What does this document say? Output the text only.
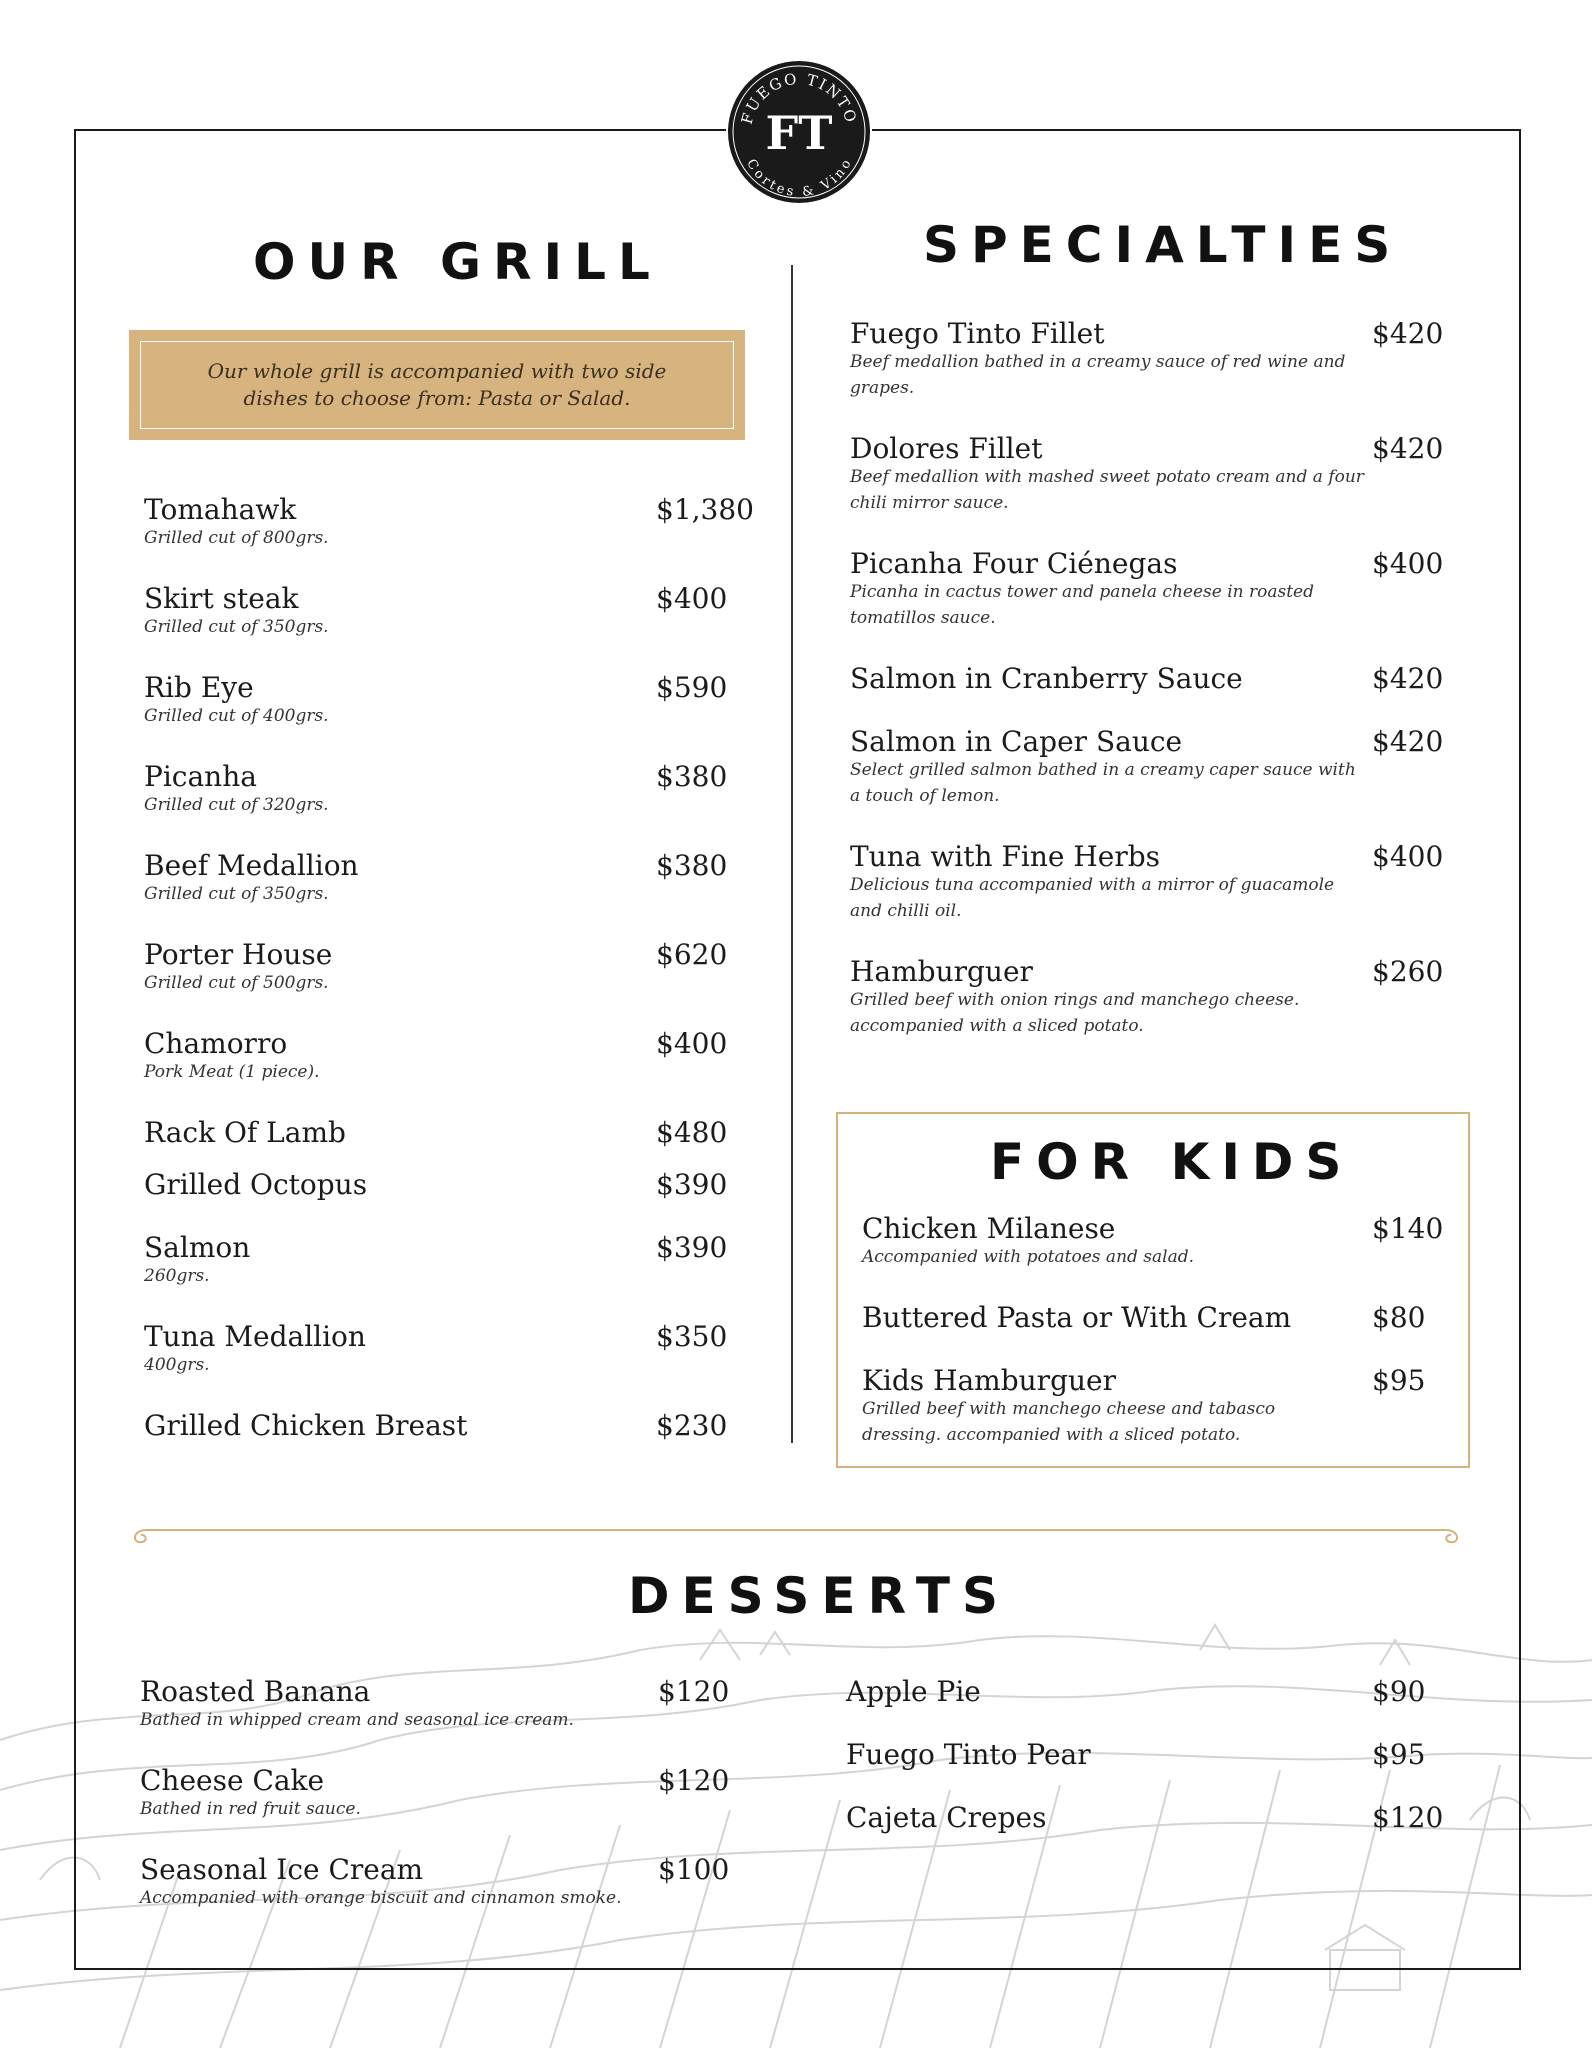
FUEGO TINTO
Cortes & Vino
FT
OUR GRILL
Our whole grill is accompanied with two side dishes to choose from: Pasta or Salad.
Tomahawk	$1,380
Grilled cut of 800grs.
Skirt steak	$400
Grilled cut of 350grs.
Rib Eye	$590
Grilled cut of 400grs.
Picanha	$380
Grilled cut of 320grs.
Beef Medallion	$380
Grilled cut of 350grs.
Porter House	$620
Grilled cut of 500grs.
Chamorro	$400
Pork Meat (1 piece).
Rack Of Lamb	$480
Grilled Octopus	$390
Salmon	$390
260grs.
Tuna Medallion	$350
400grs.
Grilled Chicken Breast	$230
SPECIALTIES
Fuego Tinto Fillet	$420
Beef medallion bathed in a creamy sauce of red wine and grapes.
Dolores Fillet	$420
Beef medallion with mashed sweet potato cream and a four chili mirror sauce.
Picanha Four Ciénegas	$400
Picanha in cactus tower and panela cheese in roasted tomatillos sauce.
Salmon in Cranberry Sauce	$420
Salmon in Caper Sauce	$420
Select grilled salmon bathed in a creamy caper sauce with a touch of lemon.
Tuna with Fine Herbs	$400
Delicious tuna accompanied with a mirror of guacamole and chilli oil.
Hamburguer	$260
Grilled beef with onion rings and manchego cheese. accompanied with a sliced potato.
FOR KIDS
Chicken Milanese	$140
Accompanied with potatoes and salad.
Buttered Pasta or With Cream	$80
Kids Hamburguer	$95
Grilled beef with manchego cheese and tabasco dressing. accompanied with a sliced potato.
DESSERTS
Roasted Banana	$120
Bathed in whipped cream and seasonal ice cream.
Cheese Cake	$120
Bathed in red fruit sauce.
Seasonal Ice Cream	$100
Accompanied with orange biscuit and cinnamon smoke.
Apple Pie	$90
Fuego Tinto Pear	$95
Cajeta Crepes	$120
